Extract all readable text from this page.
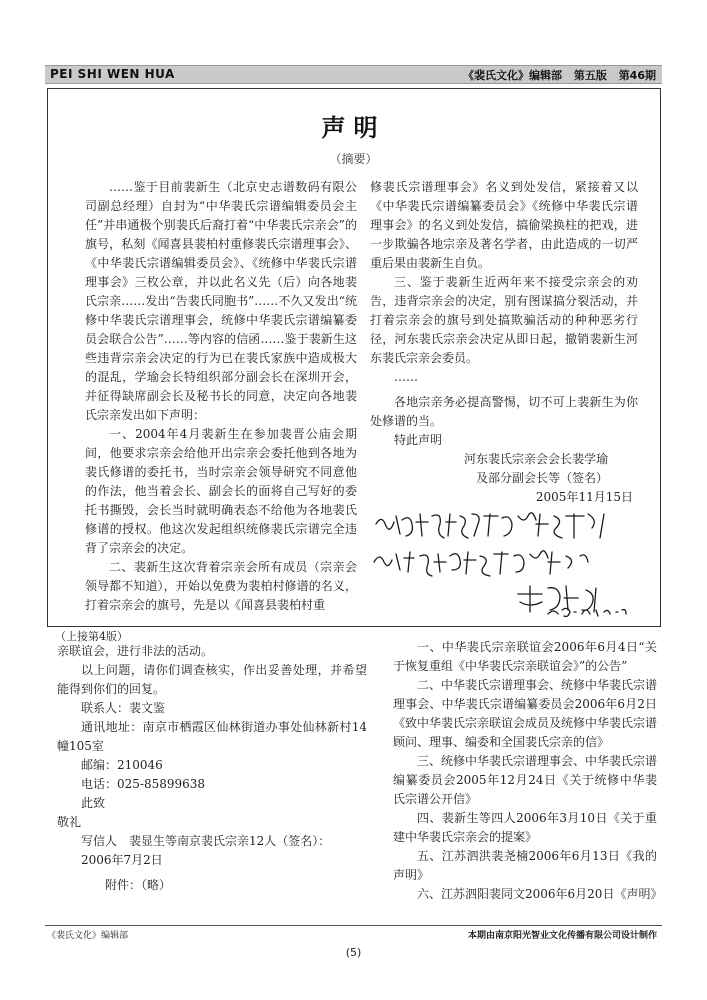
PEI SHI WEN HUA	《裴氏文化》编辑部 第五版 第46期
声明
（摘要）

……鉴于目前裴新生（北京史志谱数码有限公司副总经理）自封为“中华裴氏宗谱编辑委员会主任”并串通极个别裴氏后裔打着“中华裴氏宗亲会”的旗号，私刻《闻喜县裴柏村重修裴氏宗谱理事会》、《中华裴氏宗谱编辑委员会》、《统修中华裴氏宗谱理事会》三枚公章，并以此名义先（后）向各地裴氏宗亲……发出“告裴氏同胞书”……不久又发出“统修中华裴氏宗谱理事会，统修中华裴氏宗谱编纂委员会联合公告”……等内容的信函……鉴于裴新生这些违背宗亲会决定的行为已在裴氏家族中造成极大的混乱，学瑜会长特组织部分副会长在深圳开会，并征得缺席副会长及秘书长的同意，决定向各地裴氏宗亲发出如下声明：

一、2004年4月裴新生在参加裴晋公庙会期间，他要求宗亲会给他开出宗亲会委托他到各地为裴氏修谱的委托书，当时宗亲会领导研究不同意他的作法，他当着会长、副会长的面将自己写好的委托书撕毁，会长当时就明确表态不给他为各地裴氏修谱的授权。他这次发起组织统修裴氏宗谱完全违背了宗亲会的决定。

二、裴新生这次背着宗亲会所有成员（宗亲会领导都不知道），开始以免费为裴柏村修谱的名义，打着宗亲会的旗号，先是以《闻喜县裴柏村重

修裴氏宗谱理事会》名义到处发信，紧接着又以《中华裴氏宗谱编纂委员会》《统修中华裴氏宗谱理事会》的名义到处发信，搞偷梁换柱的把戏，进一步欺骗各地宗亲及著名学者，由此造成的一切严重后果由裴新生自负。

三、鉴于裴新生近两年来不接受宗亲会的劝告，违背宗亲会的决定，别有图谋搞分裂活动，并打着宗亲会的旗号到处搞欺骗活动的种种恶劣行径，河东裴氏宗亲会决定从即日起，撤销裴新生河东裴氏宗亲会委员。

……

各地宗亲务必提高警惕，切不可上裴新生为你处修谱的当。

特此声明

河东裴氏宗亲会会长裴学瑜

及部分副会长等（签名）

2005年11月15日

（上接第4版）

亲联谊会，进行非法的活动。

以上问题，请你们调查核实，作出妥善处理，并希望能得到你们的回复。

联系人：裴文鉴

通讯地址：南京市栖霞区仙林街道办事处仙林新村14幢105室

邮编：210046

电话：025-85899638

此致

敬礼

写信人　裴显生等南京裴氏宗亲12人（签名）：

2006年7月2日

附件：（略）

一、中华裴氏宗亲联谊会2006年6月4日“关于恢复重组《中华裴氏宗亲联谊会》”的公告”

二、中华裴氏宗谱理事会、统修中华裴氏宗谱理事会、中华裴氏宗谱编纂委员会2006年6月2日《致中华裴氏宗亲联谊会成员及统修中华裴氏宗谱顾问、理事、编委和全国裴氏宗亲的信》

三、统修中华裴氏宗谱理事会、中华裴氏宗谱编纂委员会2005年12月24日《关于统修中华裴氏宗谱公开信》

四、裴新生等四人2006年3月10日《关于重建中华裴氏宗亲会的提案》

五、江苏泗洪裴尧楠2006年6月13日《我的声明》

六、江苏泗阳裴同文2006年6月20日《声明》

《裴氏文化》编辑部	本期由南京阳光智业文化传播有限公司设计制作
(5)
